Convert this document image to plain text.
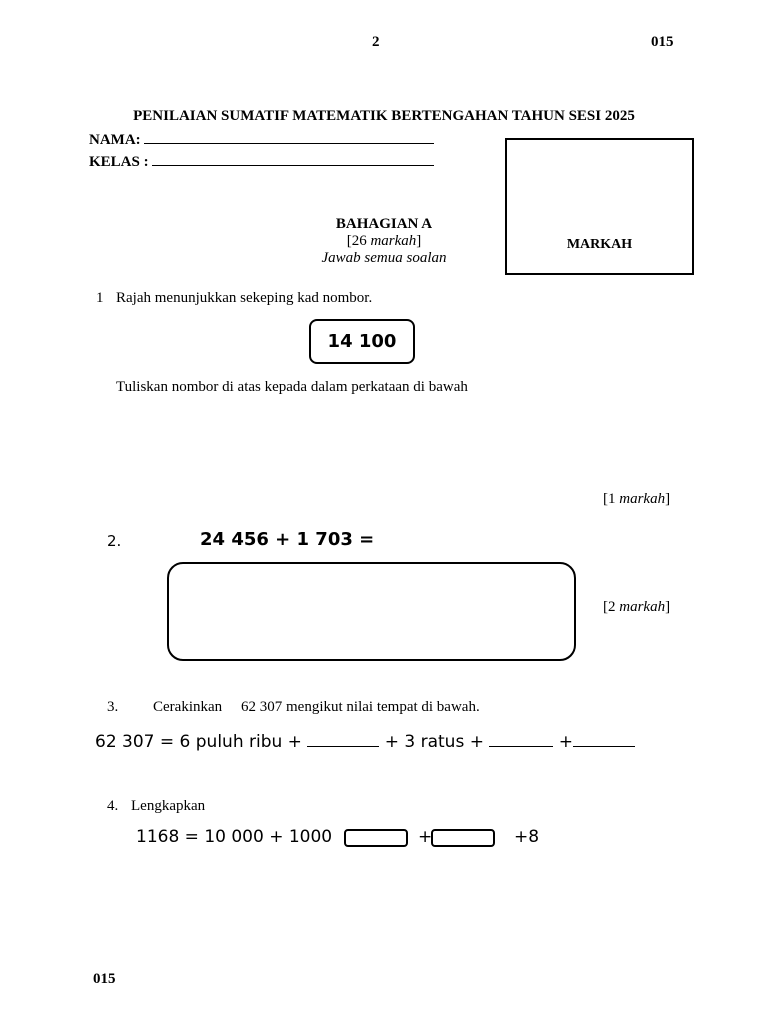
2	015
PENILAIAN SUMATIF MATEMATIK BERTENGAHAN TAHUN SESI 2025
NAMA:
KELAS :
MARKAH
BAHAGIAN A
[26 markah]
Jawab semua soalan
1 Rajah menunjukkan sekeping kad nombor.
14 100
Tuliskan nombor di atas kepada dalam perkataan di bawah
[1 markah]
2.	24 456 + 1 703 =
[2 markah]
3. Cerakinkan 62 307 mengikut nilai tempat di bawah.
62 307 = 6 puluh ribu +	+ 3 ratus +	+
4. Lengkapkan
1168 = 10 000 + 1000	+	+8
015
